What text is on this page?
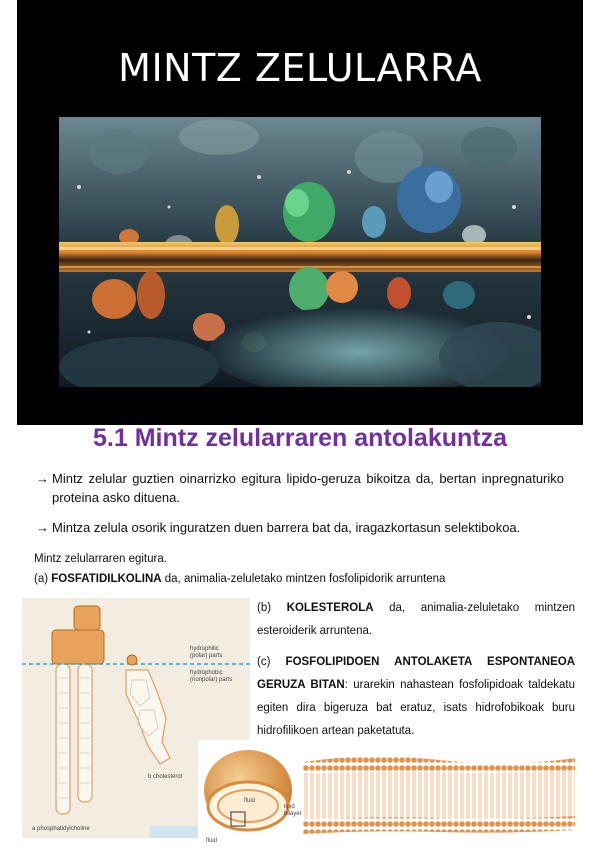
MINTZ ZELULARRA
5.1 Mintz zelularraren antolakuntza
→ Mintz zelular guztien oinarrizko egitura lipido-geruza bikoitza da, bertan inpregnaturiko proteina asko dituena.
→ Mintza zelula osorik inguratzen duen barrera bat da, iragazkortasun selektibokoa.
Mintz zelularraren egitura.
(a) FOSFATIDILKOLINA da, animalia-zeluletako mintzen fosfolipidorik arruntena
hydrophilic
(polar) parts
hydrophobic
(nonpolar) parts
b cholesterol
a phosphatidylcholine
(b) KOLESTEROLA da, animalia-zeluletako mintzen esteroiderik arruntena.
(c) FOSFOLIPIDOEN ANTOLAKETA ESPONTANEOA GERUZA BITAN: urarekin nahastean fosfolipidoak taldekatu egiten dira bigeruza bat eratuz, isats hidrofobikoak buru hidrofilikoen artean paketatuta.
fluid
fluid
lipid
bilayer
